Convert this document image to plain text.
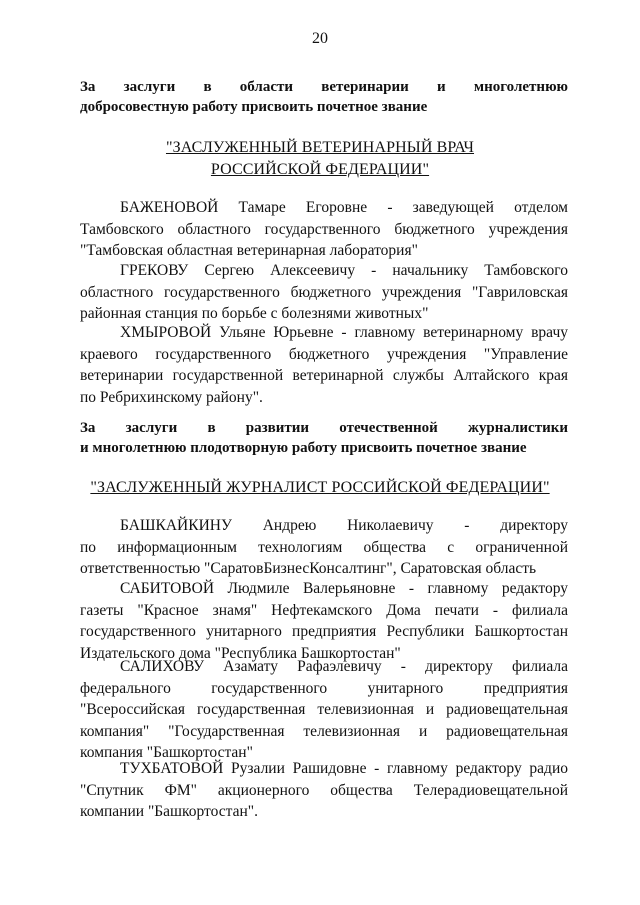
20
За заслуги в области ветеринарии и многолетнюю
добросовестную работу присвоить почетное звание
"ЗАСЛУЖЕННЫЙ ВЕТЕРИНАРНЫЙ ВРАЧ
РОССИЙСКОЙ ФЕДЕРАЦИИ"
БАЖЕНОВОЙ Тамаре Егоровне - заведующей отделом
Тамбовского областного государственного бюджетного учреждения
"Тамбовская областная ветеринарная лаборатория"
ГРЕКОВУ Сергею Алексеевичу - начальнику Тамбовского
областного государственного бюджетного учреждения "Гавриловская
районная станция по борьбе с болезнями животных"
ХМЫРОВОЙ Ульяне Юрьевне - главному ветеринарному врачу
краевого государственного бюджетного учреждения "Управление
ветеринарии государственной ветеринарной службы Алтайского края
по Ребрихинскому району".
За заслуги в развитии отечественной журналистики
и многолетнюю плодотворную работу присвоить почетное звание
"ЗАСЛУЖЕННЫЙ ЖУРНАЛИСТ РОССИЙСКОЙ ФЕДЕРАЦИИ"
БАШКАЙКИНУ Андрею Николаевичу - директору
по информационным технологиям общества с ограниченной
ответственностью "СаратовБизнесКонсалтинг", Саратовская область
САБИТОВОЙ Людмиле Валерьяновне - главному редактору
газеты "Красное знамя" Нефтекамского Дома печати - филиала
государственного унитарного предприятия Республики Башкортостан
Издательского дома "Республика Башкортостан"
САЛИХОВУ Азамату Рафаэлевичу - директору филиала
федерального государственного унитарного предприятия
"Всероссийская государственная телевизионная и радиовещательная
компания" "Государственная телевизионная и радиовещательная
компания "Башкортостан"
ТУХБАТОВОЙ Рузалии Рашидовне - главному редактору радио
"Спутник ФМ" акционерного общества Телерадиовещательной
компании "Башкортостан".
